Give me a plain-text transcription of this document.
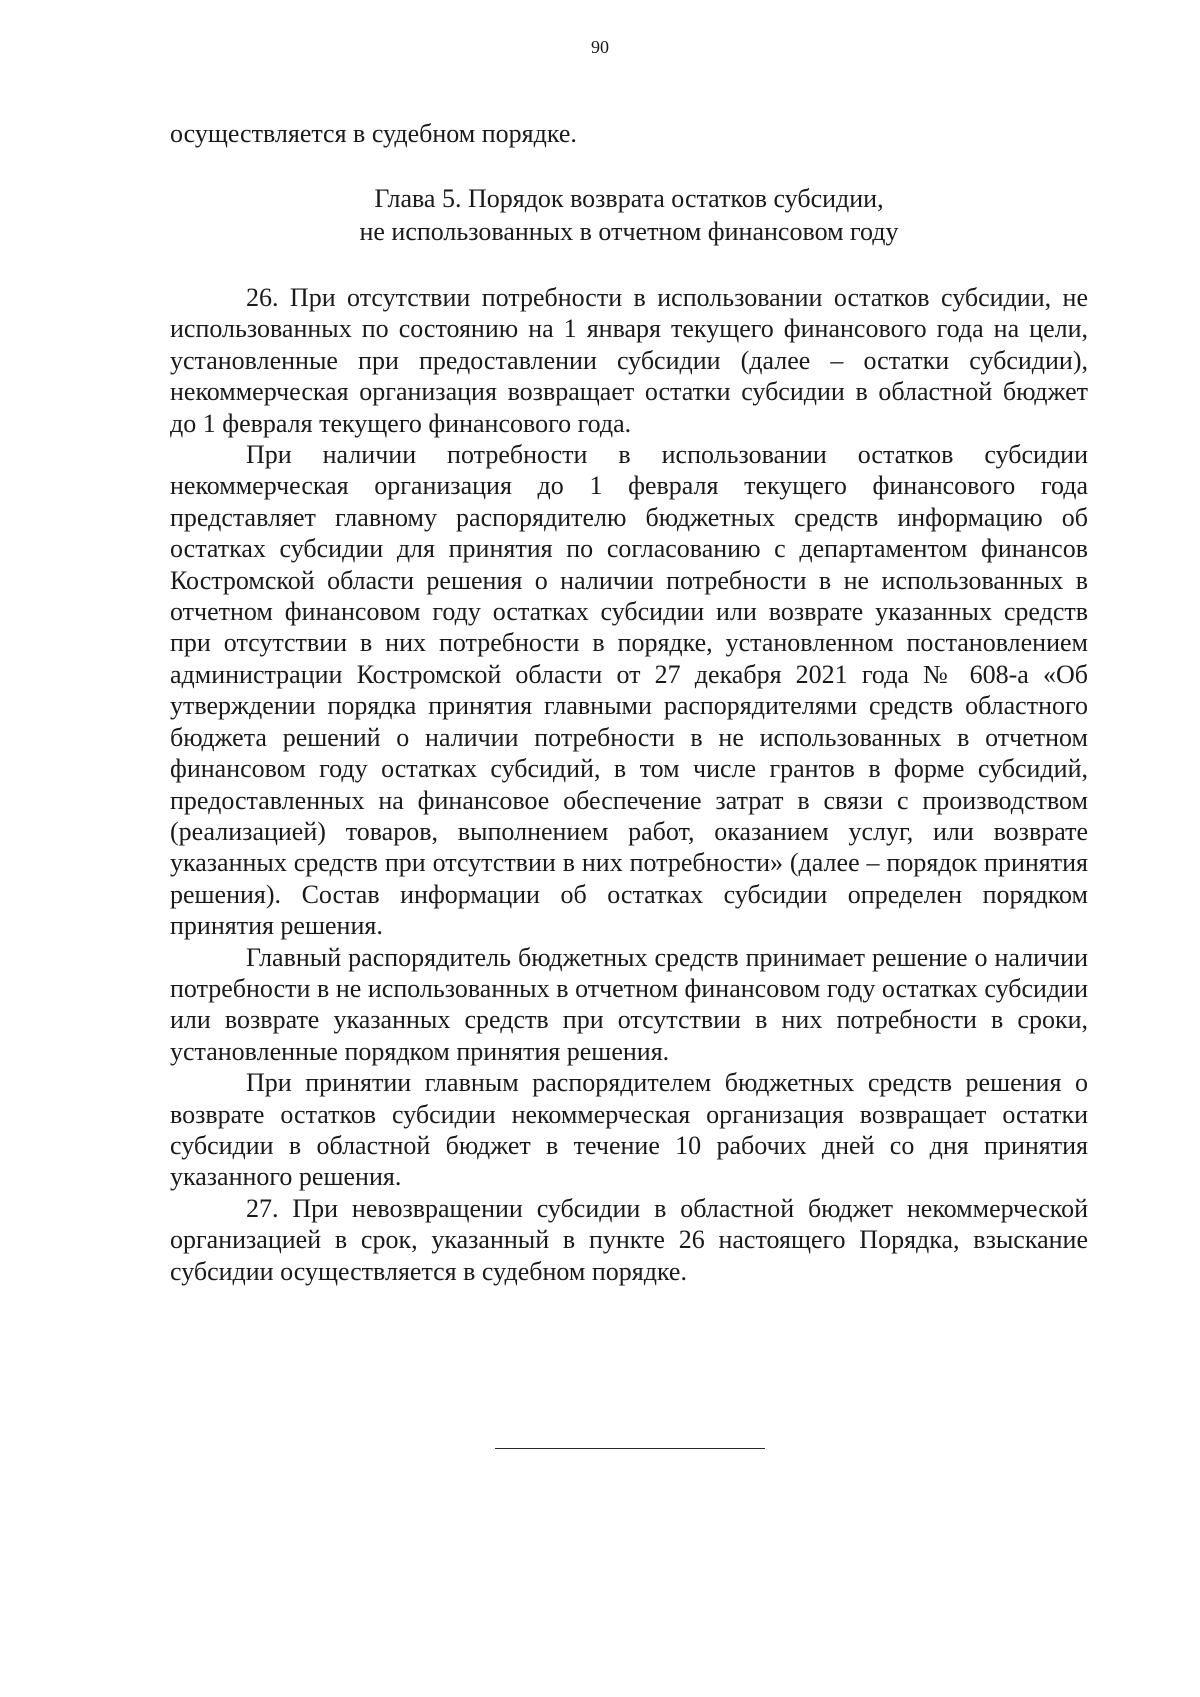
90
осуществляется в судебном порядке.
Глава 5. Порядок возврата остатков субсидии,
не использованных в отчетном финансовом году

26. При отсутствии потребности в использовании остатков субсидии, не использованных по состоянию на 1 января текущего финансового года на цели, установленные при предоставлении субсидии (далее – остатки субсидии), некоммерческая организация возвращает остатки субсидии в областной бюджет до 1 февраля текущего финансового года.

При наличии потребности в использовании остатков субсидии некоммерческая организация до 1 февраля текущего финансового года представляет главному распорядителю бюджетных средств информацию об остатках субсидии для принятия по согласованию с департаментом финансов Костромской области решения о наличии потребности в не использованных в отчетном финансовом году остатках субсидии или возврате указанных средств при отсутствии в них потребности в порядке, установленном постановлением администрации Костромской области от 27 декабря 2021 года № 608-а «Об утверждении порядка принятия главными распорядителями средств областного бюджета решений о наличии потребности в не использованных в отчетном финансовом году остатках субсидий, в том числе грантов в форме субсидий, предоставленных на финансовое обеспечение затрат в связи с производством (реализацией) товаров, выполнением работ, оказанием услуг, или возврате указанных средств при отсутствии в них потребности» (далее – порядок принятия решения). Состав информации об остатках субсидии определен порядком принятия решения.

Главный распорядитель бюджетных средств принимает решение о наличии потребности в не использованных в отчетном финансовом году остатках субсидии или возврате указанных средств при отсутствии в них потребности в сроки, установленные порядком принятия решения.

При принятии главным распорядителем бюджетных средств решения о возврате остатков субсидии некоммерческая организация возвращает остатки субсидии в областной бюджет в течение 10 рабочих дней со дня принятия указанного решения.

27. При невозвращении субсидии в областной бюджет некоммерческой организацией в срок, указанный в пункте 26 настоящего Порядка, взыскание субсидии осуществляется в судебном порядке.
